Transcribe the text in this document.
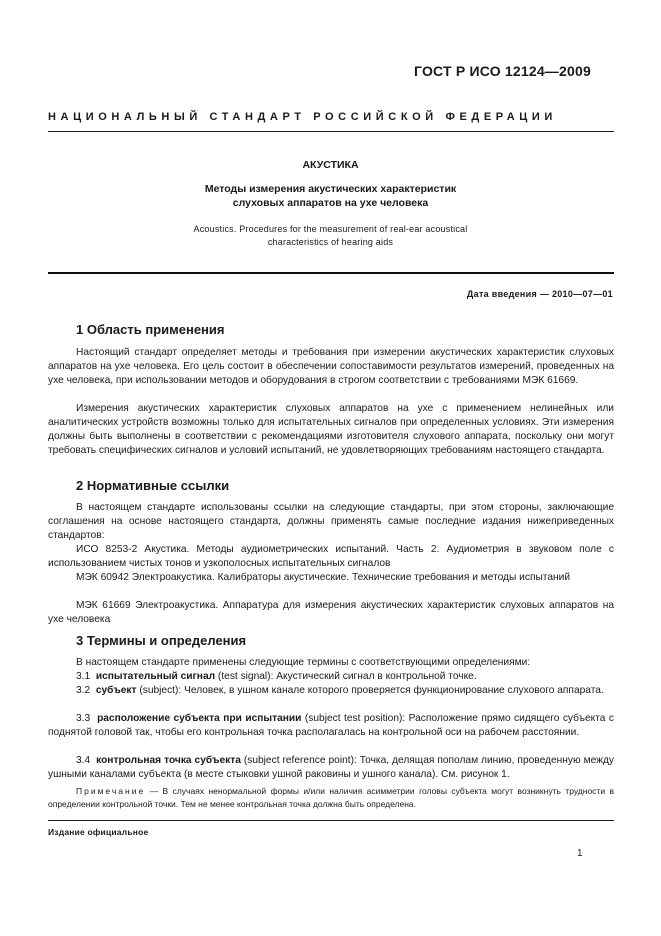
ГОСТ Р ИСО 12124—2009
НАЦИОНАЛЬНЫЙ СТАНДАРТ РОССИЙСКОЙ ФЕДЕРАЦИИ
АКУСТИКА
Методы измерения акустических характеристик
слуховых аппаратов на ухе человека
Acoustics. Procedures for the measurement of real-ear acoustical
characteristics of hearing aids
Дата введения — 2010—07—01
1 Область применения

Настоящий стандарт определяет методы и требования при измерении акустических характеристик слуховых аппаратов на ухе человека. Его цель состоит в обеспечении сопоставимости результатов измерений, проведенных на ухе человека, при использовании методов и оборудования в строгом соответствии с требованиями МЭК 61669.

Измерения акустических характеристик слуховых аппаратов на ухе с применением нелинейных или аналитических устройств возможны только для испытательных сигналов при определенных условиях. Эти измерения должны быть выполнены в соответствии с рекомендациями изготовителя слухового аппарата, поскольку они могут требовать специфических сигналов и условий испытаний, не удовлетворяющих требованиям настоящего стандарта.

2 Нормативные ссылки

В настоящем стандарте использованы ссылки на следующие стандарты, при этом стороны, заключающие соглашения на основе настоящего стандарта, должны применять самые последние издания нижеприведенных стандартов:

ИСО 8253-2 Акустика. Методы аудиометрических испытаний. Часть 2. Аудиометрия в звуковом поле с использованием чистых тонов и узкополосных испытательных сигналов

МЭК 60942 Электроакустика. Калибраторы акустические. Технические требования и методы испытаний

МЭК 61669 Электроакустика. Аппаратура для измерения акустических характеристик слуховых аппаратов на ухе человека

3 Термины и определения

В настоящем стандарте применены следующие термины с соответствующими определениями:

3.1 испытательный сигнал (test signal): Акустический сигнал в контрольной точке.

3.2 субъект (subject): Человек, в ушном канале которого проверяется функционирование слухового аппарата.

3.3 расположение субъекта при испытании (subject test position): Расположение прямо сидящего субъекта с поднятой головой так, чтобы его контрольная точка располагалась на контрольной оси на рабочем расстоянии.

3.4 контрольная точка субъекта (subject reference point): Точка, делящая пополам линию, проведенную между ушными каналами субъекта (в месте стыковки ушной раковины и ушного канала). См. рисунок 1.

Примечание — В случаях ненормальной формы и/или наличия асимметрии головы субъекта могут возникнуть трудности в определении контрольной точки. Тем не менее контрольная точка должна быть определена.

Издание официальное
1
